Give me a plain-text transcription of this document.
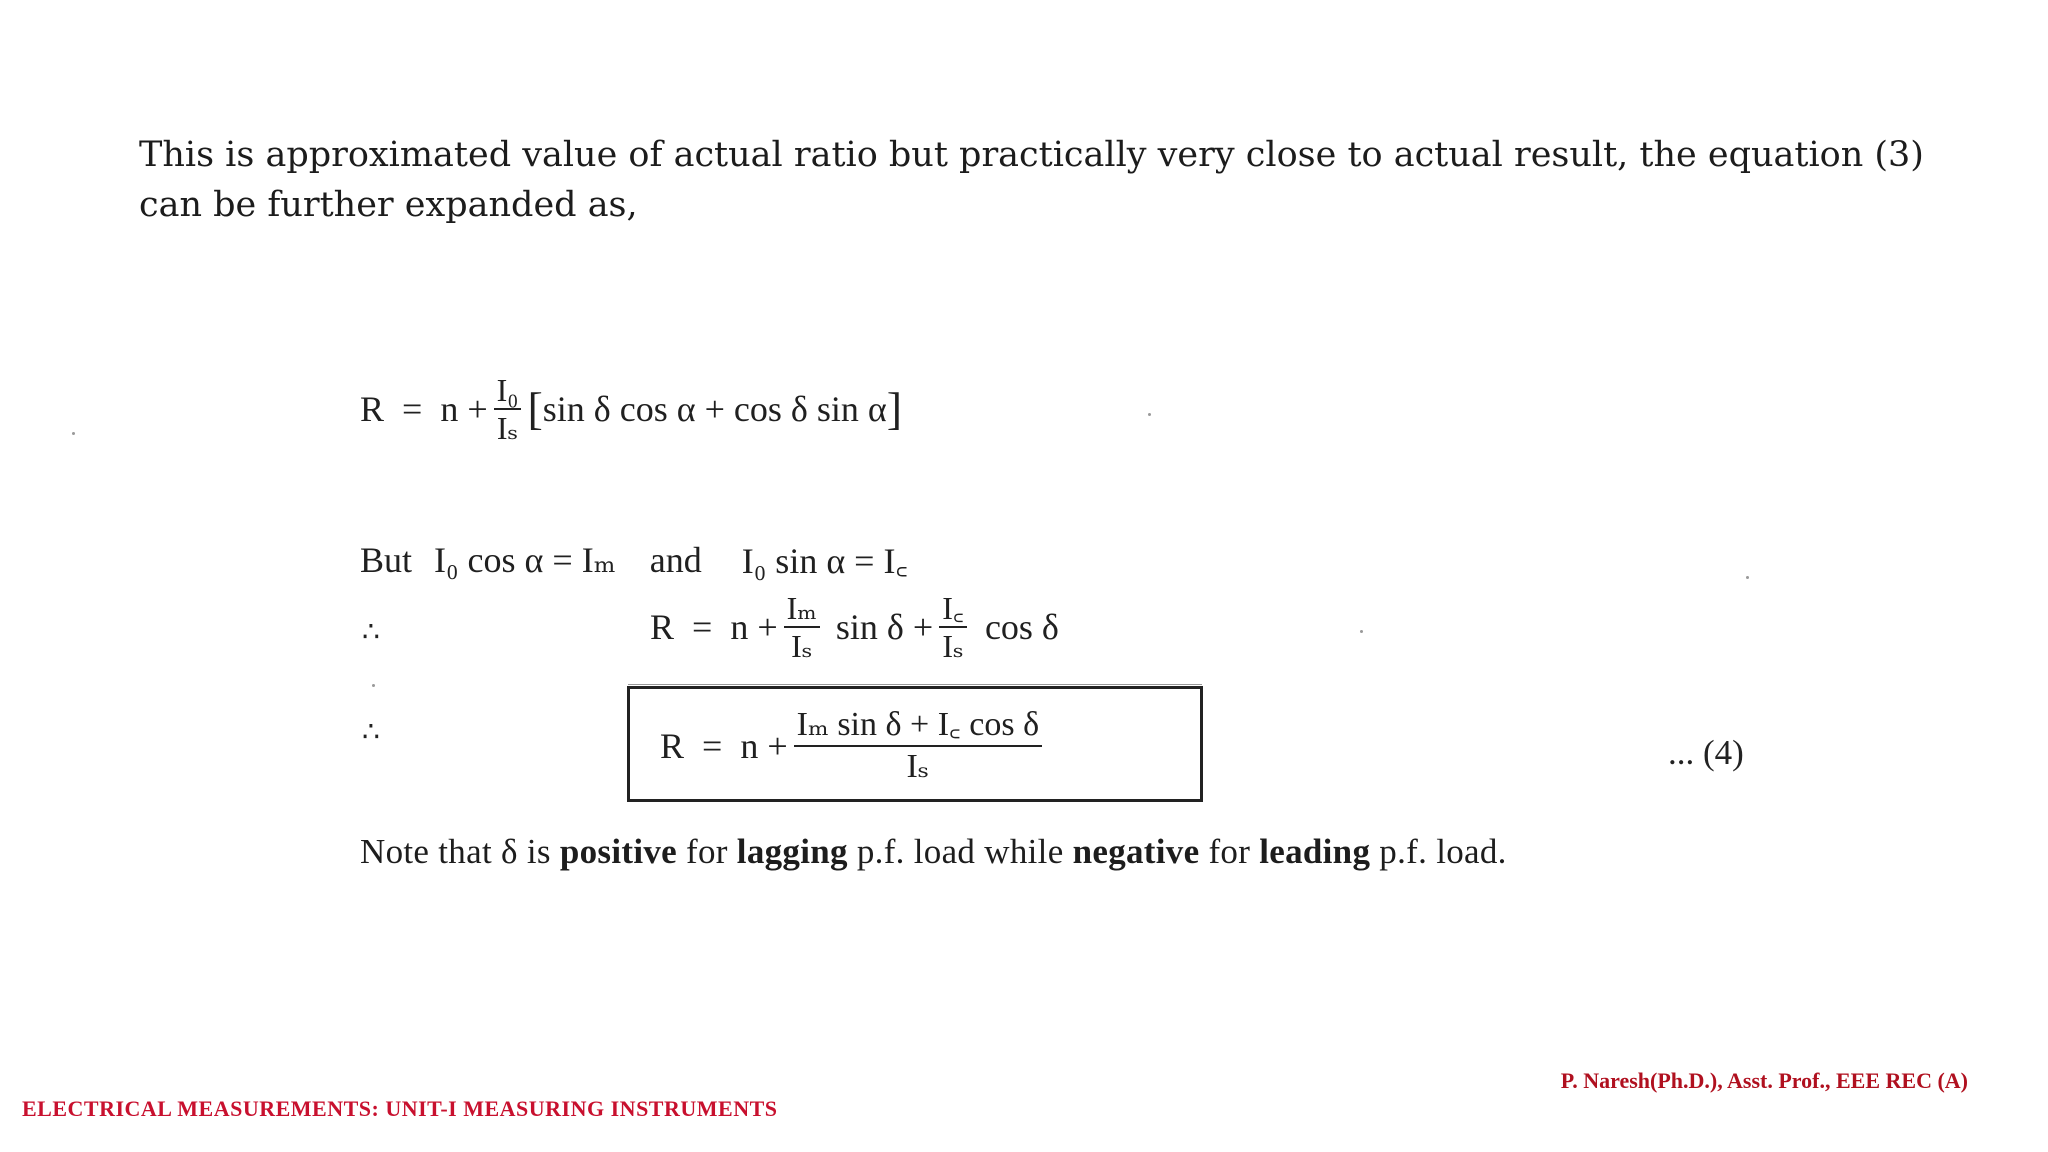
This is approximated value of actual ratio but practically very close to actual result, the equation (3) can be further expanded as,

$R = n + \frac{\text{I₀}}{\text{Iₛ}}$ [ sin δ cos α + cos δ sin α ]
But I₀ cos α = Iₘ and I₀ sin α = I꜀
∴	$R = n + \frac{\text{Iₘ}}{\text{Iₛ}}$ $\sin \delta + \frac{I꜀}{\text{Iₛ}}$ cos δ
∴	$R = n + \frac{\text{Iₘ sin δ + I꜀ cos δ}}{\text{Iₛ}}$	... (4)
Note that δ is positive for lagging p.f. load while negative for leading p.f. load.
ELECTRICAL MEASUREMENTS: UNIT-I MEASURING INSTRUMENTS
P. Naresh(Ph.D.), Asst. Prof., EEE REC (A)
